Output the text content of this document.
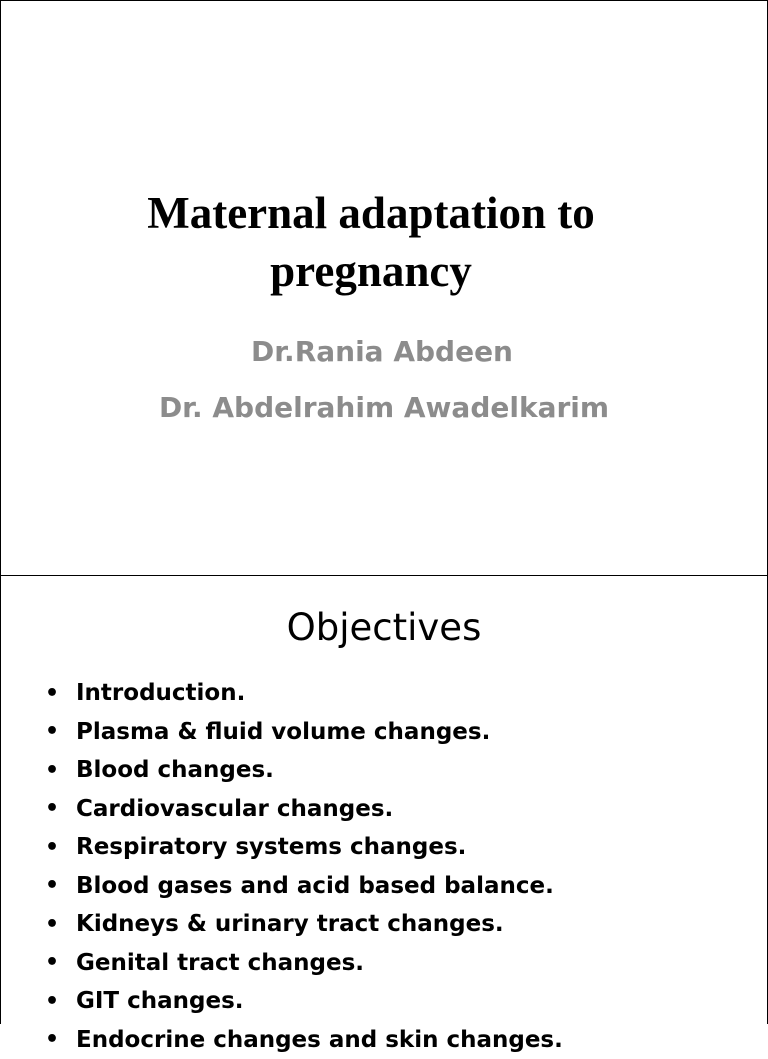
Maternal adaptation to
pregnancy
Dr.Rania Abdeen
Dr. Abdelrahim Awadelkarim
Objectives
• Introduction.
• Plasma & fluid volume changes.
• Blood changes.
• Cardiovascular changes.
• Respiratory systems changes.
• Blood gases and acid based balance.
• Kidneys & urinary tract changes.
• Genital tract changes.
• GIT changes.
• Endocrine changes and skin changes.
